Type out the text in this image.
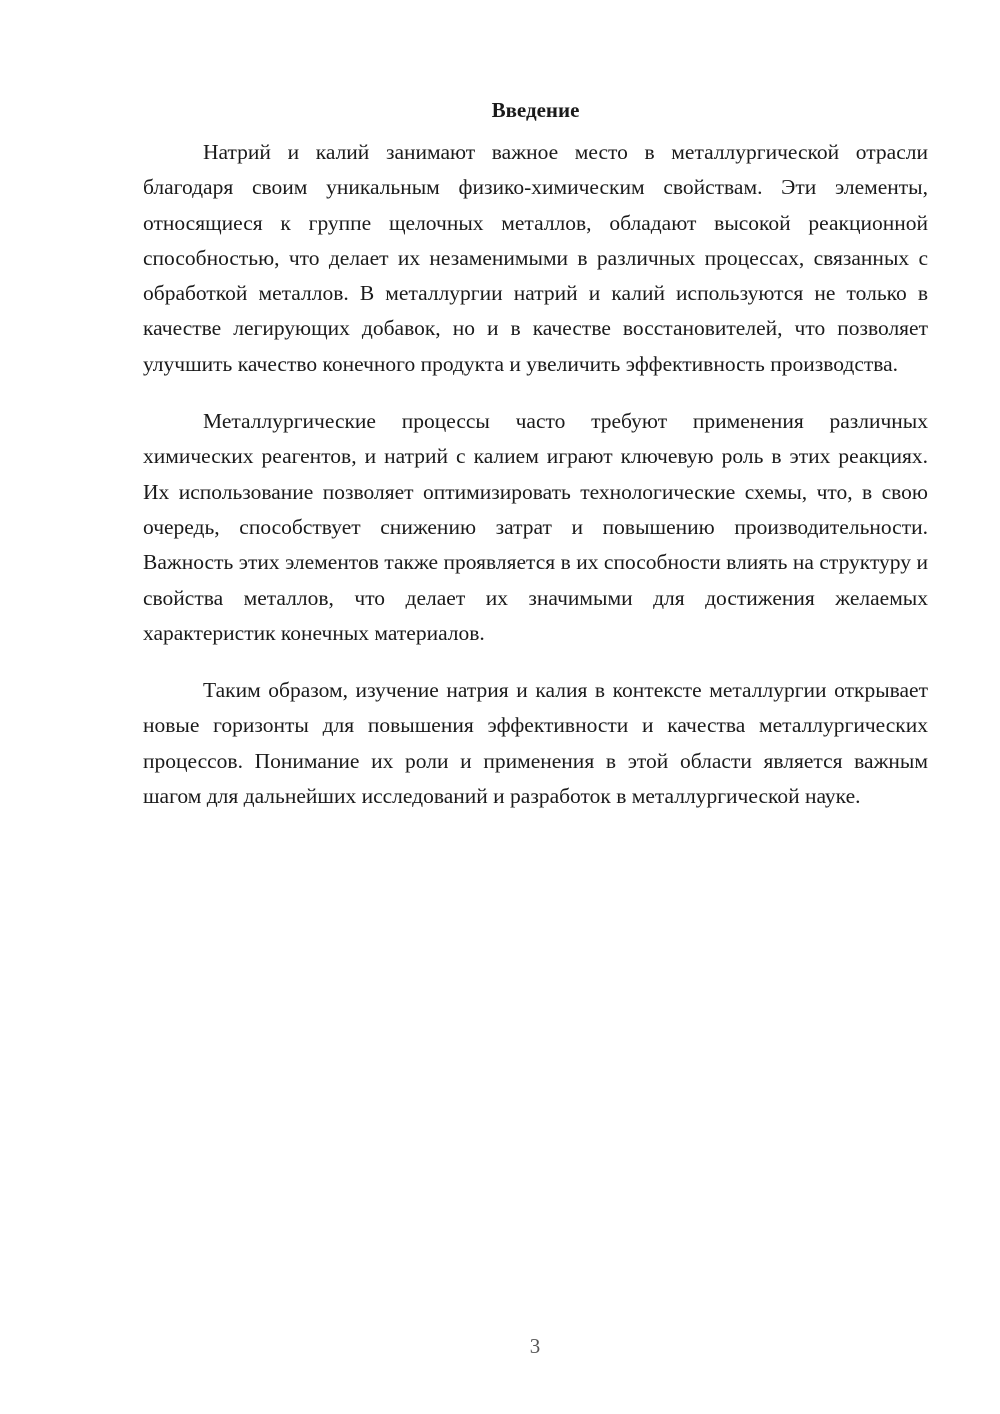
Введение

Натрий и калий занимают важное место в металлургической отрасли благодаря своим уникальным физико-химическим свойствам. Эти элементы, относящиеся к группе щелочных металлов, обладают высокой реакционной способностью, что делает их незаменимыми в различных процессах, связанных с обработкой металлов. В металлургии натрий и калий используются не только в качестве легирующих добавок, но и в качестве восстановителей, что позволяет улучшить качество конечного продукта и увеличить эффективность производства.

Металлургические процессы часто требуют применения различных химических реагентов, и натрий с калием играют ключевую роль в этих реакциях. Их использование позволяет оптимизировать технологические схемы, что, в свою очередь, способствует снижению затрат и повышению производительности. Важность этих элементов также проявляется в их способности влиять на структуру и свойства металлов, что делает их значимыми для достижения желаемых характеристик конечных материалов.

Таким образом, изучение натрия и калия в контексте металлургии открывает новые горизонты для повышения эффективности и качества металлургических процессов. Понимание их роли и применения в этой области является важным шагом для дальнейших исследований и разработок в металлургической науке.

3
